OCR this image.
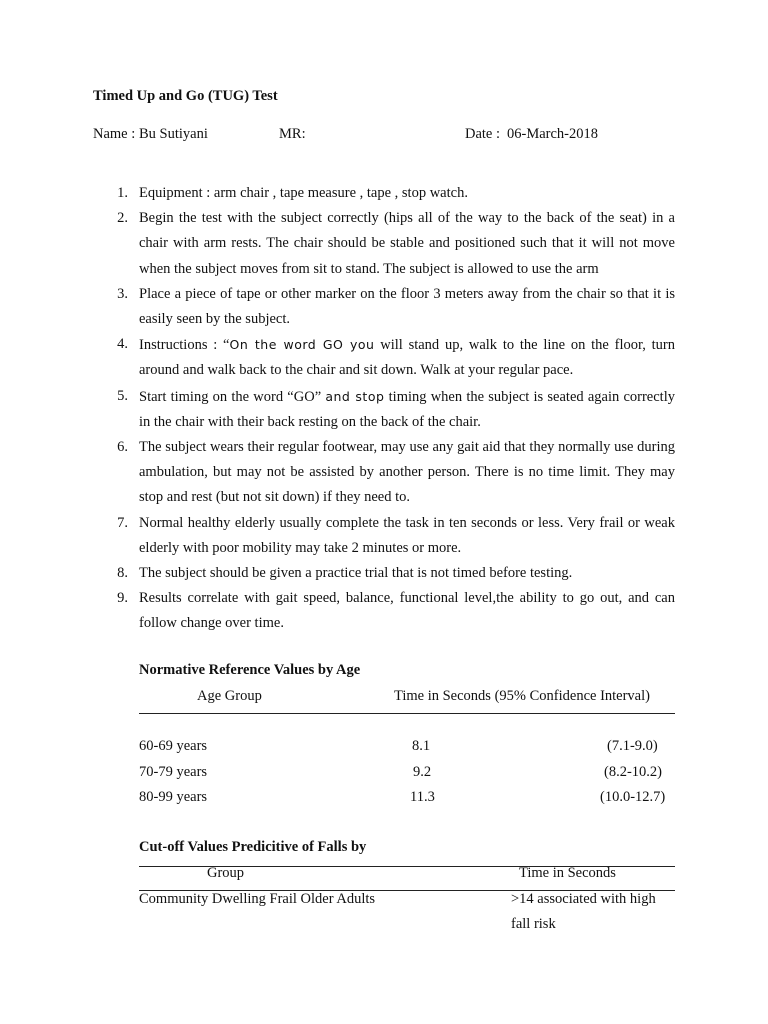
Timed Up and Go (TUG) Test
Name : Bu Sutiyani	MR:	Date : 06-March-2018
1. Equipment : arm chair , tape measure , tape , stop watch.
2. Begin the test with the subject correctly (hips all of the way to the back of the seat) in a chair with arm rests. The chair should be stable and positioned such that it will not move when the subject moves from sit to stand. The subject is allowed to use the arm
3. Place a piece of tape or other marker on the floor 3 meters away from the chair so that it is easily seen by the subject.
4. Instructions : “On the word GO you will stand up, walk to the line on the floor, turn around and walk back to the chair and sit down. Walk at your regular pace.
5. Start timing on the word “GO” and stop timing when the subject is seated again correctly in the chair with their back resting on the back of the chair.
6. The subject wears their regular footwear, may use any gait aid that they normally use during ambulation, but may not be assisted by another person. There is no time limit. They may stop and rest (but not sit down) if they need to.
7. Normal healthy elderly usually complete the task in ten seconds or less. Very frail or weak elderly with poor mobility may take 2 minutes or more.
8. The subject should be given a practice trial that is not timed before testing.
9. Results correlate with gait speed, balance, functional level,the ability to go out, and can follow change over time.
Normative Reference Values by Age
Age Group	Time in Seconds (95% Confidence Interval)
60-69 years	8.1	(7.1-9.0)
70-79 years	9.2	(8.2-10.2)
80-99 years	11.3	(10.0-12.7)
Cut-off Values Predicitive of Falls by
Group	Time in Seconds
Community Dwelling Frail Older Adults	>14 associated with high
fall risk
